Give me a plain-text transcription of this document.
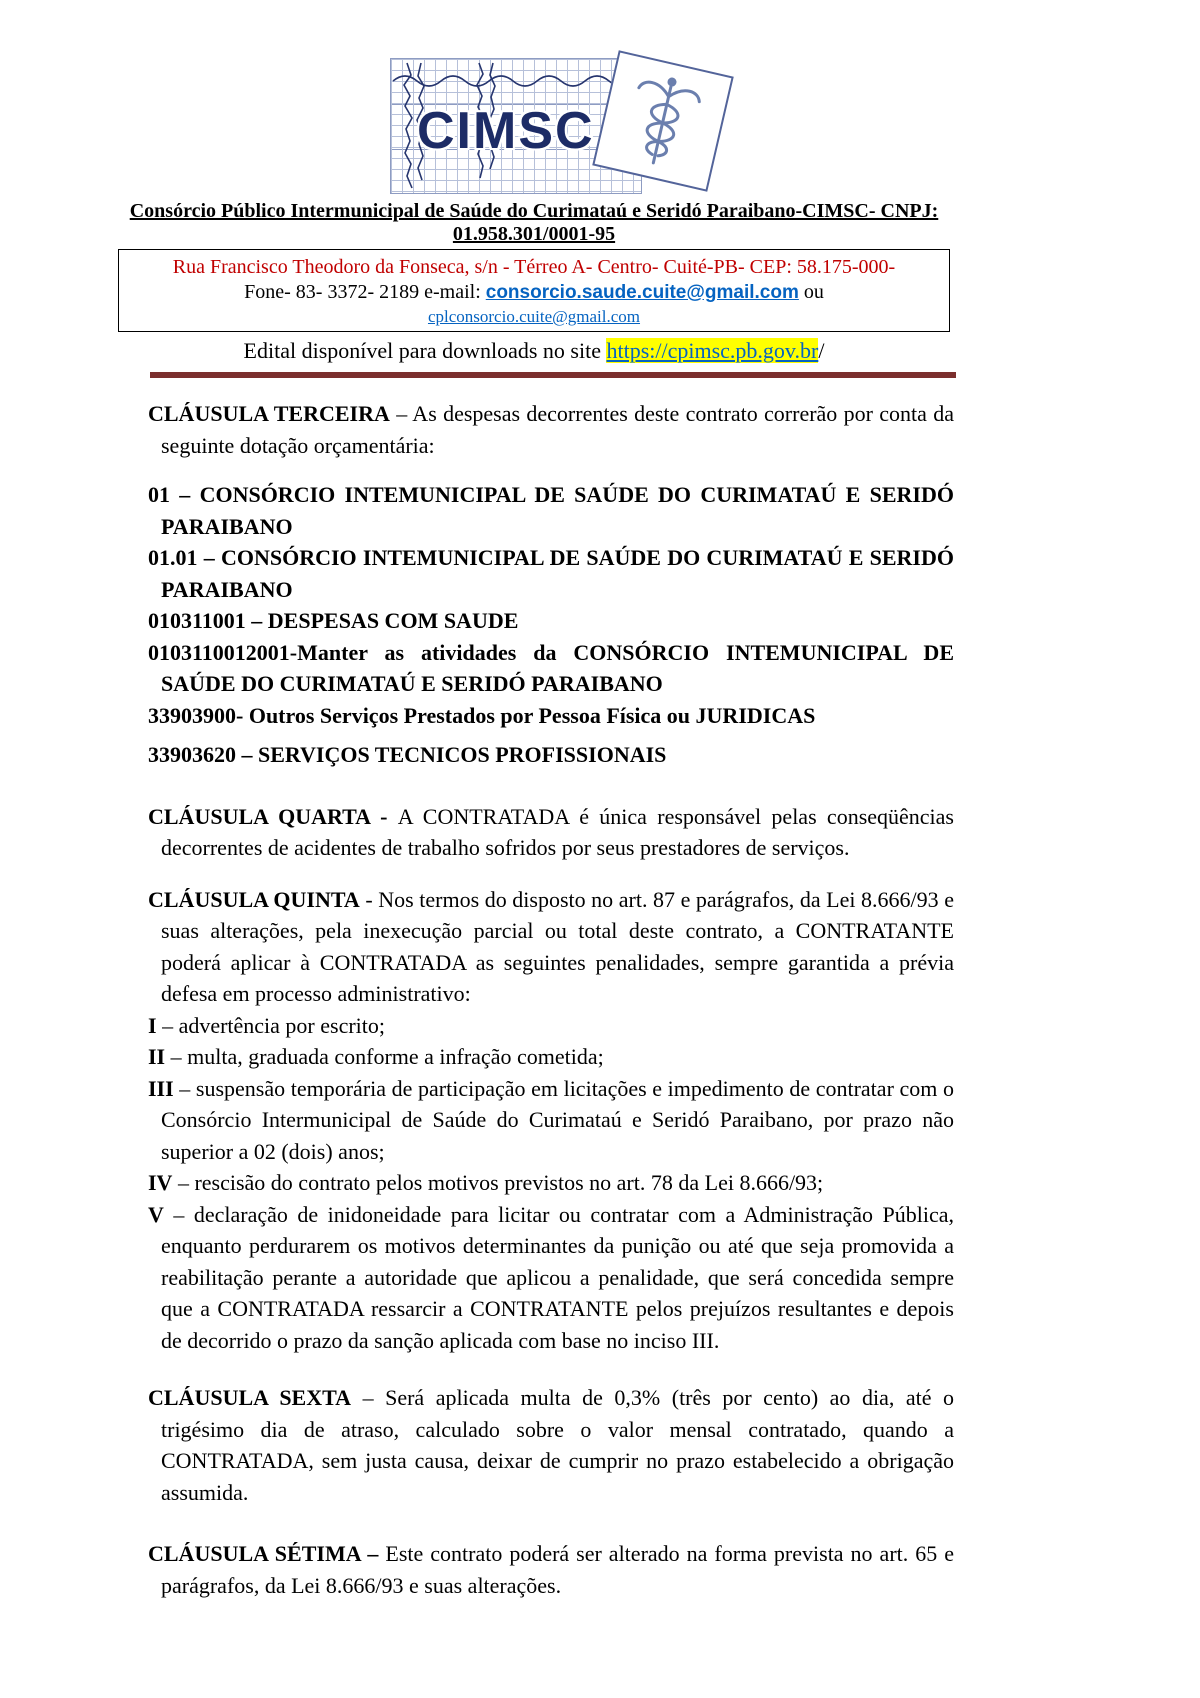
CIMSC
Consórcio Público Intermunicipal de Saúde do Curimataú e Seridó Paraibano-CIMSC- CNPJ:
01.958.301/0001-95
Rua Francisco Theodoro da Fonseca, s/n - Térreo A- Centro- Cuité-PB- CEP: 58.175-000-
Fone- 83- 3372- 2189 e-mail: consorcio.saude.cuite@gmail.com ou
cplconsorcio.cuite@gmail.com
Edital disponível para downloads no site https://cpimsc.pb.gov.br/

CLÁUSULA TERCEIRA – As despesas decorrentes deste contrato correrão por conta da seguinte dotação orçamentária:

01 – CONSÓRCIO INTEMUNICIPAL DE SAÚDE DO CURIMATAÚ E SERIDÓ PARAIBANO

01.01 – CONSÓRCIO INTEMUNICIPAL DE SAÚDE DO CURIMATAÚ E SERIDÓ PARAIBANO

010311001 – DESPESAS COM SAUDE

0103110012001-Manter as atividades da CONSÓRCIO INTEMUNICIPAL DE SAÚDE DO CURIMATAÚ E SERIDÓ PARAIBANO

33903900- Outros Serviços Prestados por Pessoa Física ou JURIDICAS

33903620 – SERVIÇOS TECNICOS PROFISSIONAIS

CLÁUSULA QUARTA - A CONTRATADA é única responsável pelas conseqüências decorrentes de acidentes de trabalho sofridos por seus prestadores de serviços.

CLÁUSULA QUINTA - Nos termos do disposto no art. 87 e parágrafos, da Lei 8.666/93 e suas alterações, pela inexecução parcial ou total deste contrato, a CONTRATANTE poderá aplicar à CONTRATADA as seguintes penalidades, sempre garantida a prévia defesa em processo administrativo:

I – advertência por escrito;

II – multa, graduada conforme a infração cometida;

III – suspensão temporária de participação em licitações e impedimento de contratar com o Consórcio Intermunicipal de Saúde do Curimataú e Seridó Paraibano, por prazo não superior a 02 (dois) anos;

IV – rescisão do contrato pelos motivos previstos no art. 78 da Lei 8.666/93;

V – declaração de inidoneidade para licitar ou contratar com a Administração Pública, enquanto perdurarem os motivos determinantes da punição ou até que seja promovida a reabilitação perante a autoridade que aplicou a penalidade, que será concedida sempre que a CONTRATADA ressarcir a CONTRATANTE pelos prejuízos resultantes e depois de decorrido o prazo da sanção aplicada com base no inciso III.

CLÁUSULA SEXTA – Será aplicada multa de 0,3% (três por cento) ao dia, até o trigésimo dia de atraso, calculado sobre o valor mensal contratado, quando a CONTRATADA, sem justa causa, deixar de cumprir no prazo estabelecido a obrigação assumida.

CLÁUSULA SÉTIMA – Este contrato poderá ser alterado na forma prevista no art. 65 e parágrafos, da Lei 8.666/93 e suas alterações.
